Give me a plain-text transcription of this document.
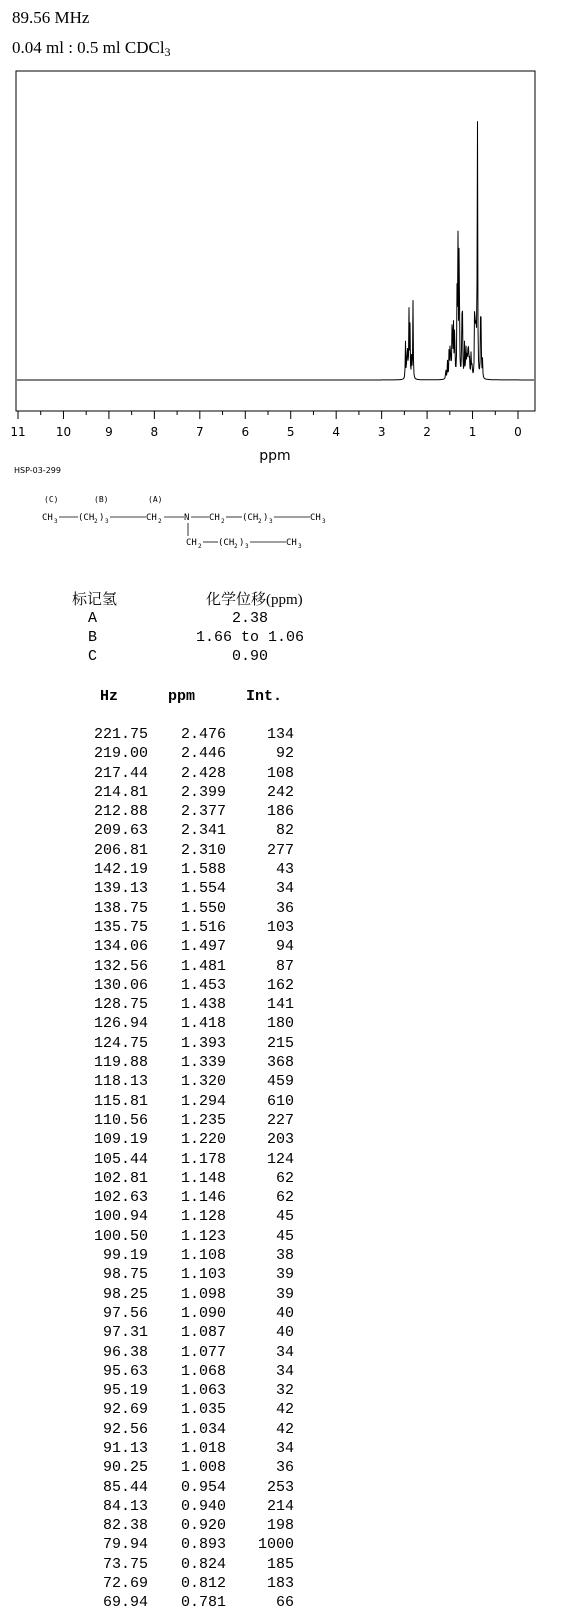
89.56 MHz
0.04 ml : 0.5 ml CDCl$_3$
11	10	9	8	7	6	5	4	3	2	1	0
ppm
HSP-03-299
(C)	(B)	(A)
CH 3 (CH 2 ) 3	CH 2 N CH 2 (CH 2 ) 3	CH 3
CH 2 (CH 2 ) 3	CH 3
标记氢	化学位移(ppm)
A	2.38
B	1.66 to 1.06
C	0.90
Hz	ppm	Int.
221.75	2.476	134
219.00	2.446	92
217.44	2.428	108
214.81	2.399	242
212.88	2.377	186
209.63	2.341	82
206.81	2.310	277
142.19	1.588	43
139.13	1.554	34
138.75	1.550	36
135.75	1.516	103
134.06	1.497	94
132.56	1.481	87
130.06	1.453	162
128.75	1.438	141
126.94	1.418	180
124.75	1.393	215
119.88	1.339	368
118.13	1.320	459
115.81	1.294	610
110.56	1.235	227
109.19	1.220	203
105.44	1.178	124
102.81	1.148	62
102.63	1.146	62
100.94	1.128	45
100.50	1.123	45
99.19	1.108	38
98.75	1.103	39
98.25	1.098	39
97.56	1.090	40
97.31	1.087	40
96.38	1.077	34
95.63	1.068	34
95.19	1.063	32
92.69	1.035	42
92.56	1.034	42
91.13	1.018	34
90.25	1.008	36
85.44	0.954	253
84.13	0.940	214
82.38	0.920	198
79.94	0.893	1000
73.75	0.824	185
72.69	0.812	183
69.94	0.781	66
